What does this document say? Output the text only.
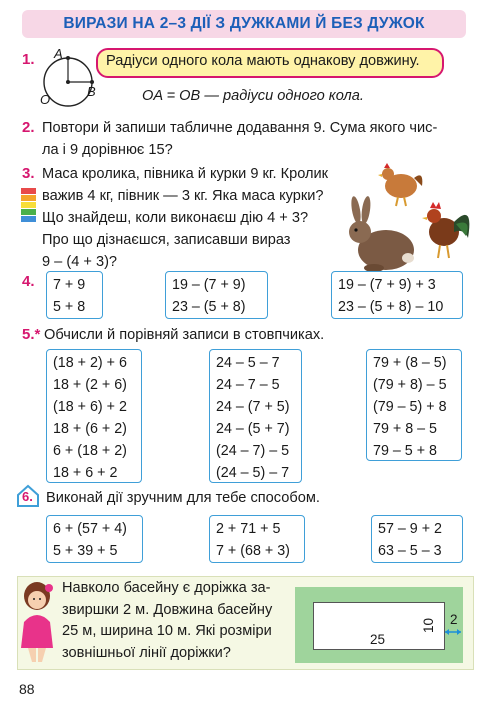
ВИРАЗИ НА 2–3 ДІЇ З ДУЖКАМИ Й БЕЗ ДУЖОК
1. A
B
O
Радіуси одного кола мають однакову довжину.
OA = OB — радіуси одного кола.
2. Повтори й запиши табличне додавання 9. Сума якого чис-
ла і 9 дорівнює 15?
3. Маса кролика, півника й курки 9 кг. Кролик
важив 4 кг, півник — 3 кг. Яка маса курки?
Що знайдеш, коли виконаєш дію 4 + 3?
Про що дізнаєшся, записавши вираз
9 – (4 + 3)?
4. 7 + 9
5 + 8
19 – (7 + 9)
23 – (5 + 8)
19 – (7 + 9) + 3
23 – (5 + 8) – 10
5.* Обчисли й порівняй записи в стовпчиках.
(18 + 2) + 6
18 + (2 + 6)
(18 + 6) + 2
18 + (6 + 2)
6 + (18 + 2)
18 + 6 + 2
24 – 5 – 7
24 – 7 – 5
24 – (7 + 5)
24 – (5 + 7)
(24 – 7) – 5
(24 – 5) – 7
79 + (8 – 5)
(79 + 8) – 5
(79 – 5) + 8
79 + 8 – 5
79 – 5 + 8
6. Виконай дії зручним для тебе способом.
6 + (57 + 4)
5 + 39 + 5
2 + 71 + 5
7 + (68 + 3)
57 – 9 + 2
63 – 5 – 3
Навколо басейну є доріжка за-
звиршки 2 м. Довжина басейну
25 м, ширина 10 м. Які розміри
зовнішньої лінії доріжки?
25
10 2
88
